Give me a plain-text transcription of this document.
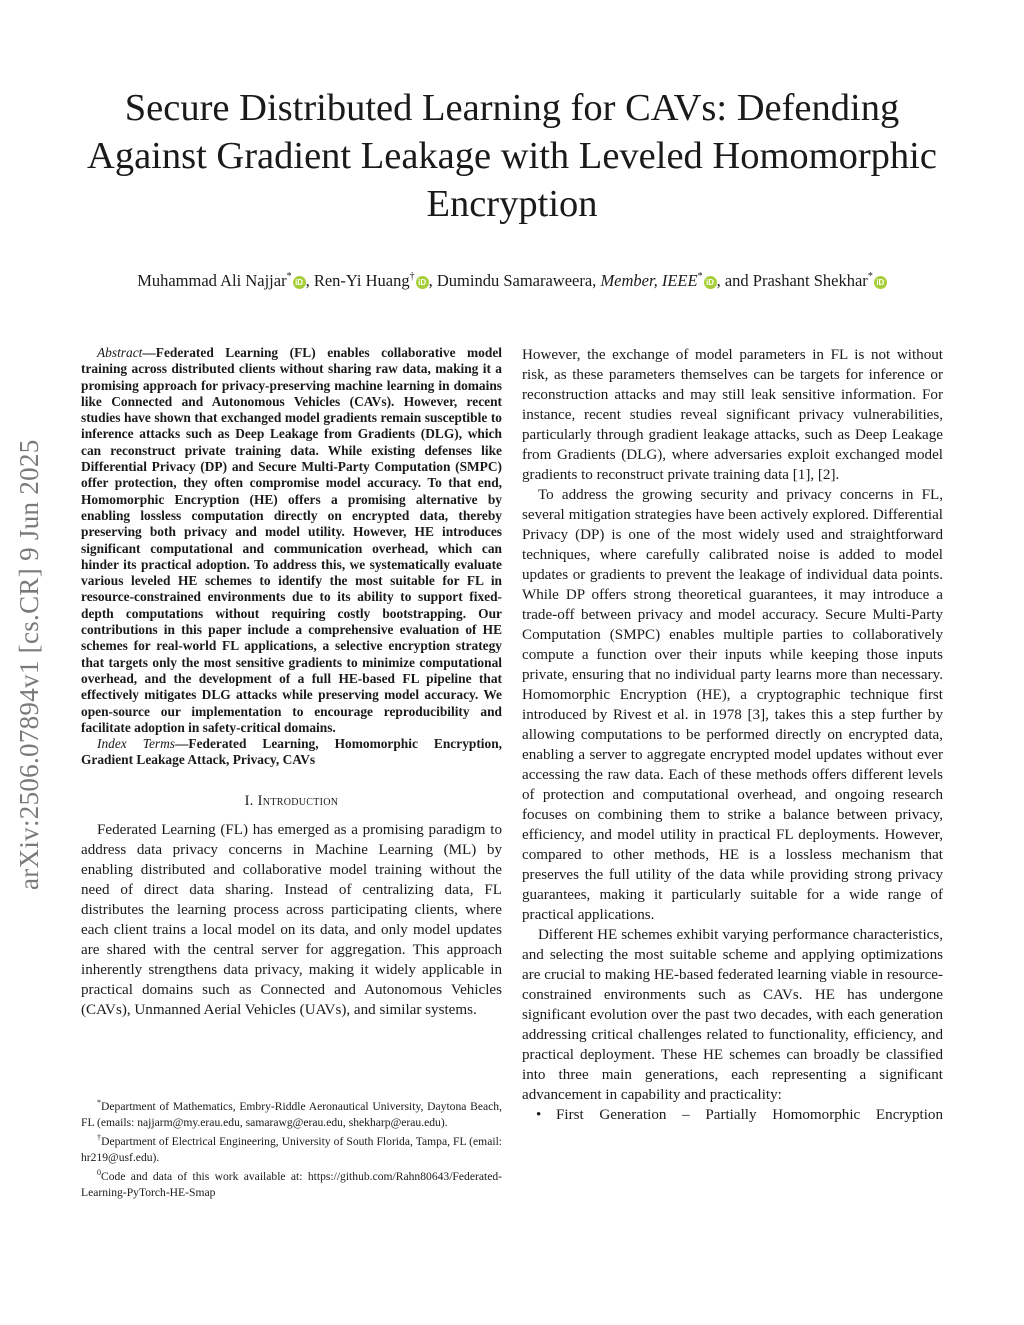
arXiv:2506.07894v1 [cs.CR] 9 Jun 2025
Secure Distributed Learning for CAVs: Defending Against Gradient Leakage with Leveled Homomorphic Encryption
Muhammad Ali Najjar*iD , Ren-Yi Huang†iD , Dumindu Samaraweera, Member, IEEE*iD , and Prashant Shekhar*iD

Abstract—Federated Learning (FL) enables collaborative model training across distributed clients without sharing raw data, making it a promising approach for privacy-preserving machine learning in domains like Connected and Autonomous Vehicles (CAVs). However, recent studies have shown that exchanged model gradients remain susceptible to inference attacks such as Deep Leakage from Gradients (DLG), which can reconstruct private training data. While existing defenses like Differential Privacy (DP) and Secure Multi-Party Computation (SMPC) offer protection, they often compromise model accuracy. To that end, Homomorphic Encryption (HE) offers a promising alternative by enabling lossless computation directly on encrypted data, thereby preserving both privacy and model utility. However, HE introduces significant computational and communication overhead, which can hinder its practical adoption. To address this, we systematically evaluate various leveled HE schemes to identify the most suitable for FL in resource-constrained environments due to its ability to support fixed-depth computations without requiring costly bootstrapping. Our contributions in this paper include a comprehensive evaluation of HE schemes for real-world FL applications, a selective encryption strategy that targets only the most sensitive gradients to minimize computational overhead, and the development of a full HE-based FL pipeline that effectively mitigates DLG attacks while preserving model accuracy. We open-source our implementation to encourage reproducibility and facilitate adoption in safety-critical domains.

Index Terms—Federated Learning, Homomorphic Encryption, Gradient Leakage Attack, Privacy, CAVs

I. Introduction

Federated Learning (FL) has emerged as a promising paradigm to address data privacy concerns in Machine Learning (ML) by enabling distributed and collaborative model training without the need of direct data sharing. Instead of centralizing data, FL distributes the learning process across participating clients, where each client trains a local model on its data, and only model updates are shared with the central server for aggregation. This approach inherently strengthens data privacy, making it widely applicable in practical domains such as Connected and Autonomous Vehicles (CAVs), Unmanned Aerial Vehicles (UAVs), and similar systems.

*Department of Mathematics, Embry-Riddle Aeronautical University, Daytona Beach, FL (emails: najjarm@my.erau.edu, samarawg@erau.edu, shekharp@erau.edu).

†Department of Electrical Engineering, University of South Florida, Tampa, FL (email: hr219@usf.edu).

$^0$Code and data of this work available at: https://github.com/Rahn80643/Federated-Learning-PyTorch-HE-Smap

However, the exchange of model parameters in FL is not without risk, as these parameters themselves can be targets for inference or reconstruction attacks and may still leak sensitive information. For instance, recent studies reveal significant privacy vulnerabilities, particularly through gradient leakage attacks, such as Deep Leakage from Gradients (DLG), where adversaries exploit exchanged model gradients to reconstruct private training data [1], [2].

To address the growing security and privacy concerns in FL, several mitigation strategies have been actively explored. Differential Privacy (DP) is one of the most widely used and straightforward techniques, where carefully calibrated noise is added to model updates or gradients to prevent the leakage of individual data points. While DP offers strong theoretical guarantees, it may introduce a trade-off between privacy and model accuracy. Secure Multi-Party Computation (SMPC) enables multiple parties to collaboratively compute a function over their inputs while keeping those inputs private, ensuring that no individual party learns more than necessary. Homomorphic Encryption (HE), a cryptographic technique first introduced by Rivest et al. in 1978 [3], takes this a step further by allowing computations to be performed directly on encrypted data, enabling a server to aggregate encrypted model updates without ever accessing the raw data. Each of these methods offers different levels of protection and computational overhead, and ongoing research focuses on combining them to strike a balance between privacy, efficiency, and model utility in practical FL deployments. However, compared to other methods, HE is a lossless mechanism that preserves the full utility of the data while providing strong privacy guarantees, making it particularly suitable for a wide range of practical applications.

Different HE schemes exhibit varying performance characteristics, and selecting the most suitable scheme and applying optimizations are crucial to making HE-based federated learning viable in resource-constrained environments such as CAVs. HE has undergone significant evolution over the past two decades, with each generation addressing critical challenges related to functionality, efficiency, and practical deployment. These HE schemes can broadly be classified into three main generations, each representing a significant advancement in capability and practicality:

• First Generation – Partially Homomorphic Encryption
